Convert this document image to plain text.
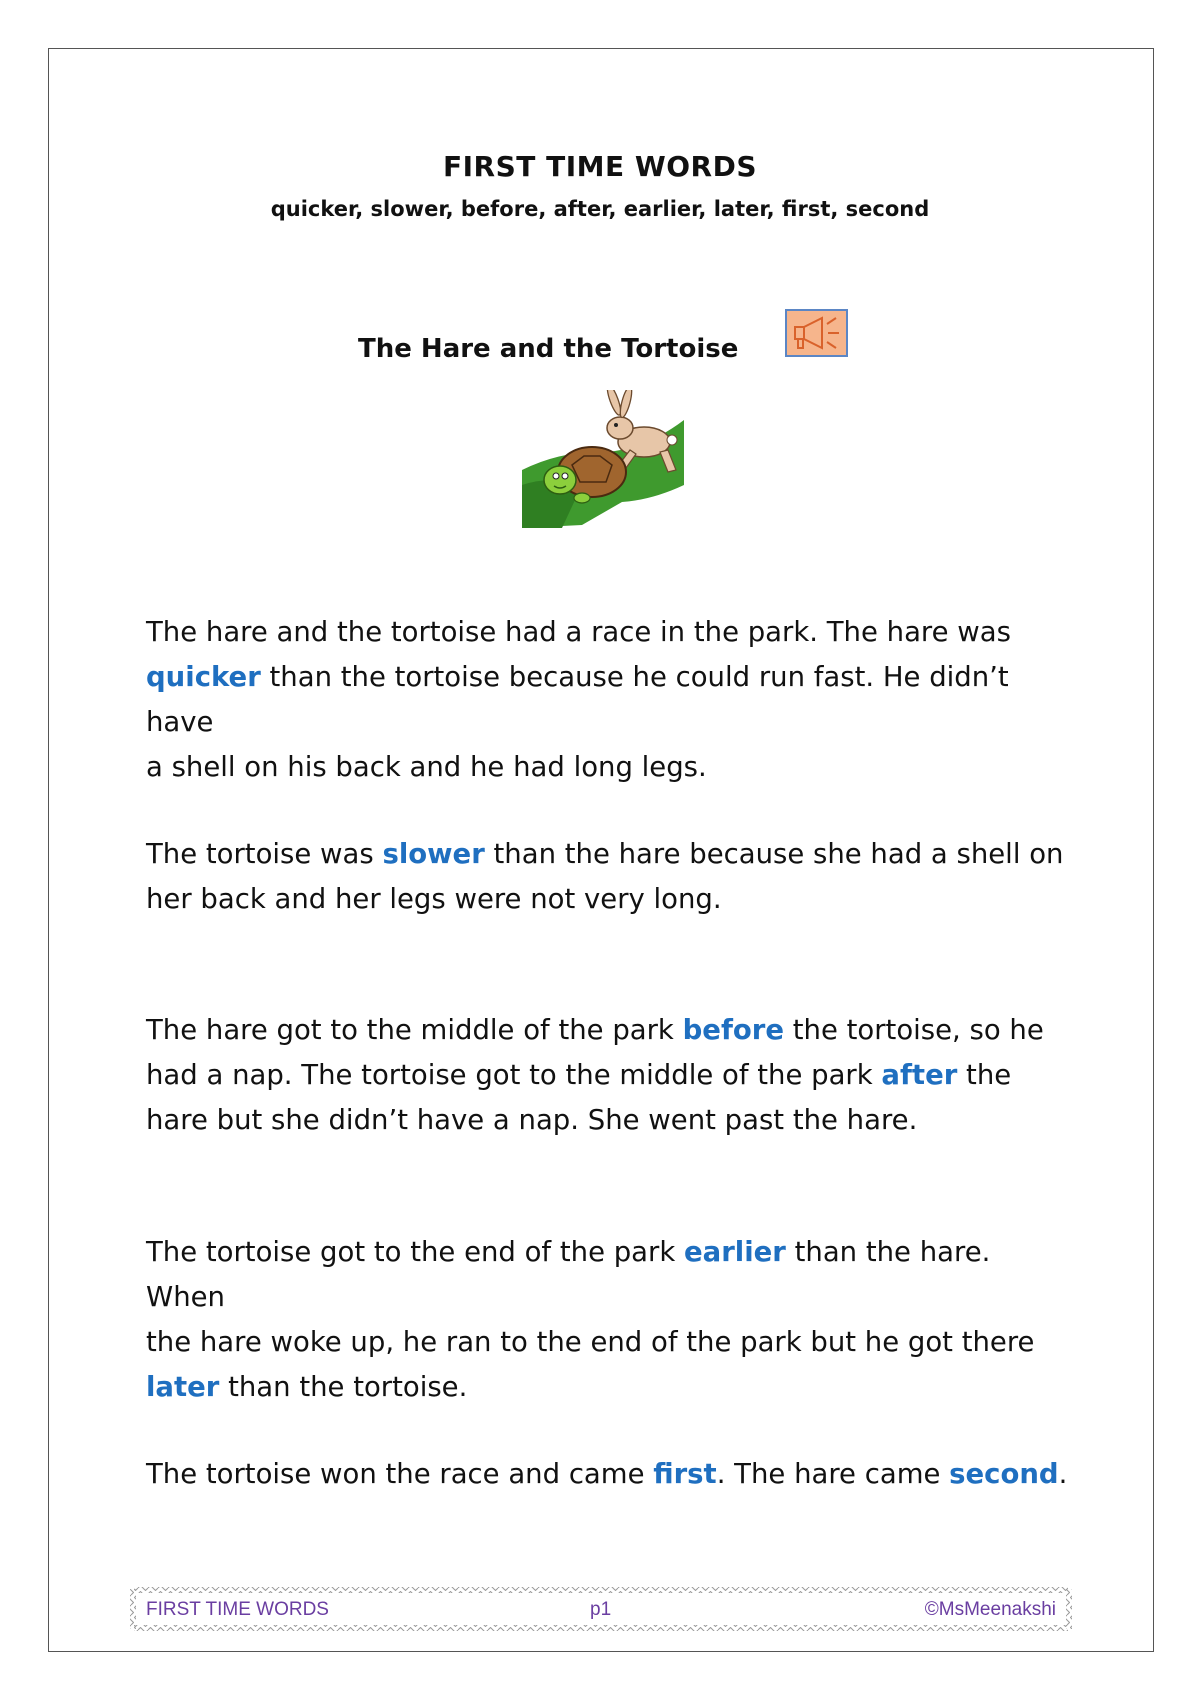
FIRST TIME WORDS
quicker, slower, before, after, earlier, later, first, second
The Hare and the Tortoise

The hare and the tortoise had a race in the park. The hare was

quicker than the tortoise because he could run fast. He didn’t have

a shell on his back and he had long legs.

The tortoise was slower than the hare because she had a shell on

her back and her legs were not very long.

The hare got to the middle of the park before the tortoise, so he

had a nap. The tortoise got to the middle of the park after the

hare but she didn’t have a nap. She went past the hare.

The tortoise got to the end of the park earlier than the hare. When

the hare woke up, he ran to the end of the park but he got there

later than the tortoise.

The tortoise won the race and came first. The hare came second.

FIRST TIME WORDS	p1	©MsMeenakshi
